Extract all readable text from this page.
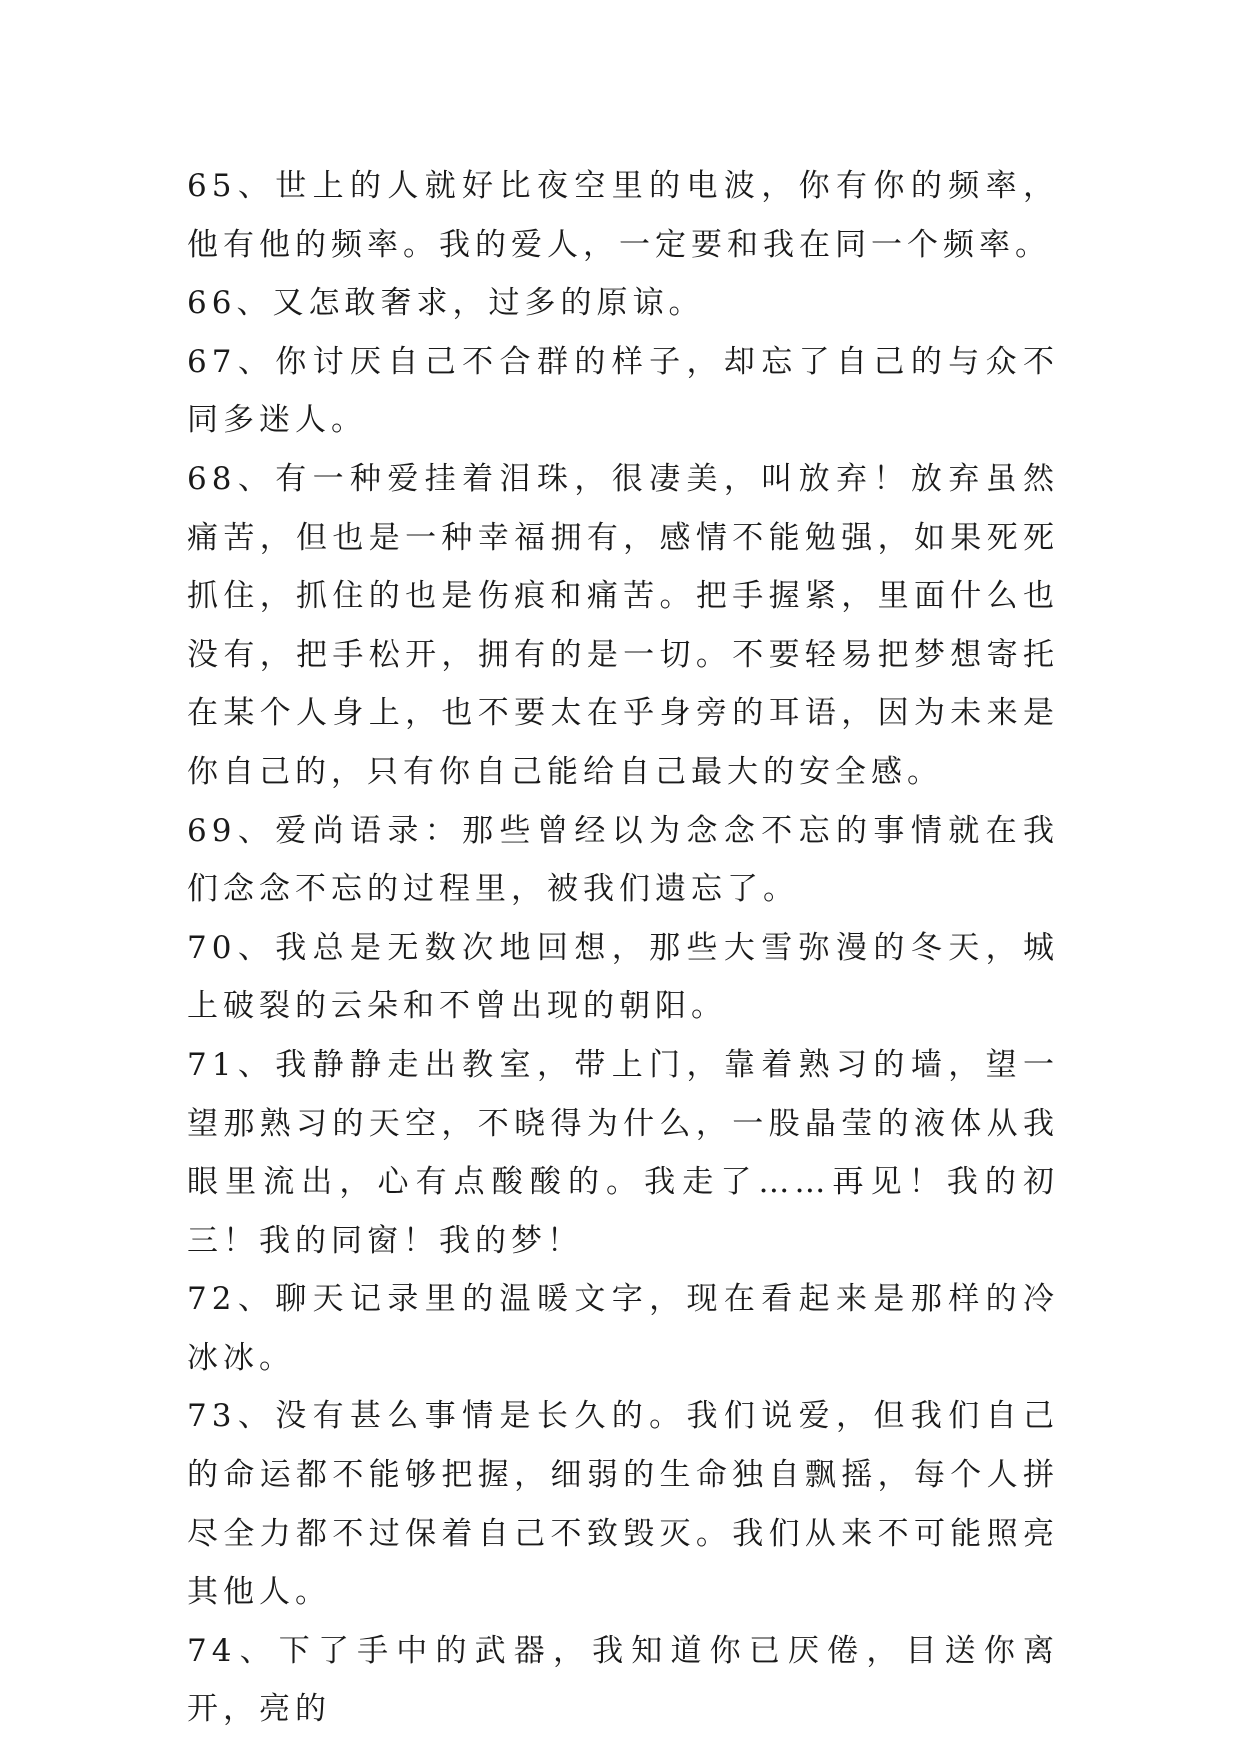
65、世上的人就好比夜空里的电波，你有你的频率，他有他的频率。我的爱人，一定要和我在同一个频率。

66、又怎敢奢求，过多的原谅。

67、你讨厌自己不合群的样子，却忘了自己的与众不同多迷人。

68、有一种爱挂着泪珠，很凄美，叫放弃！放弃虽然痛苦，但也是一种幸福拥有，感情不能勉强，如果死死抓住，抓住的也是伤痕和痛苦。把手握紧，里面什么也没有，把手松开，拥有的是一切。不要轻易把梦想寄托在某个人身上，也不要太在乎身旁的耳语，因为未来是你自己的，只有你自己能给自己最大的安全感。

69、爱尚语录：那些曾经以为念念不忘的事情就在我们念念不忘的过程里，被我们遗忘了。

70、我总是无数次地回想，那些大雪弥漫的冬天，城上破裂的云朵和不曾出现的朝阳。

71、我静静走出教室，带上门，靠着熟习的墙，望一望那熟习的天空，不晓得为什么，一股晶莹的液体从我眼里流出，心有点酸酸的。我走了……再见！我的初三！我的同窗！我的梦！

72、聊天记录里的温暖文字，现在看起来是那样的冷冰冰。

73、没有甚么事情是长久的。我们说爱，但我们自己的命运都不能够把握，细弱的生命独自飘摇，每个人拼尽全力都不过保着自己不致毁灭。我们从来不可能照亮其他人。

74、下了手中的武器，我知道你已厌倦，目送你离开，亮的
